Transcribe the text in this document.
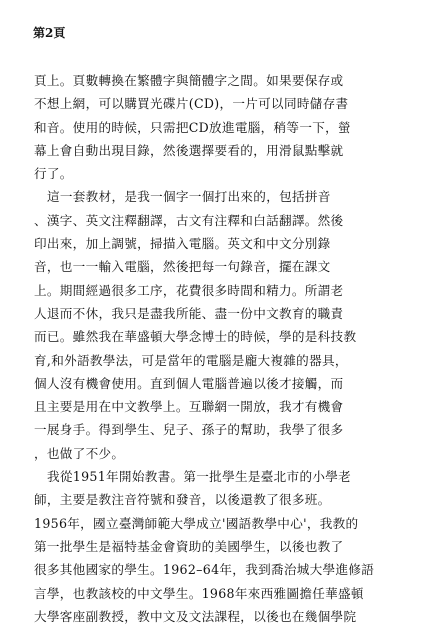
第2頁
頁上。頁數轉換在繁體字與簡體字之間。如果要保存或
不想上網，可以購買光碟片(CD)，一片可以同時儲存書
和音。使用的時候，只需把CD放進電腦，稍等一下，螢
幕上會自動出現目錄，然後選擇要看的，用滑鼠點擊就
行了。
這一套教材，是我一個字一個打出來的，包括拼音
、漢字、英文注釋翻譯，古文有注釋和白話翻譯。然後
印出來，加上調號，掃描入電腦。英文和中文分別錄
音，也一一輸入電腦，然後把每一句錄音，擺在課文
上。期間經過很多工序，花費很多時間和精力。所謂老
人退而不休，我只是盡我所能、盡一份中文教育的職責
而已。雖然我在華盛頓大學念博士的時候，學的是科技教
育,和外語教學法，可是當年的電腦是龐大複雜的器具，
個人沒有機會使用。直到個人電腦普遍以後才接觸，而
且主要是用在中文教學上。互聯網一開放，我才有機會
一展身手。得到學生、兒子、孫子的幫助，我學了很多
，也做了不少。
我從1951年開始教書。第一批學生是臺北市的小學老
師，主要是教注音符號和發音，以後還教了很多班。
1956年，國立臺灣師範大學成立'國語教學中心'，我教的
第一批學生是福特基金會資助的美國學生，以後也教了
很多其他國家的學生。1962–64年，我到喬治城大學進修語
言學，也教該校的中文學生。1968年來西雅圖擔任華盛頓
大學客座副教授，教中文及文法課程，以後也在幾個學院
